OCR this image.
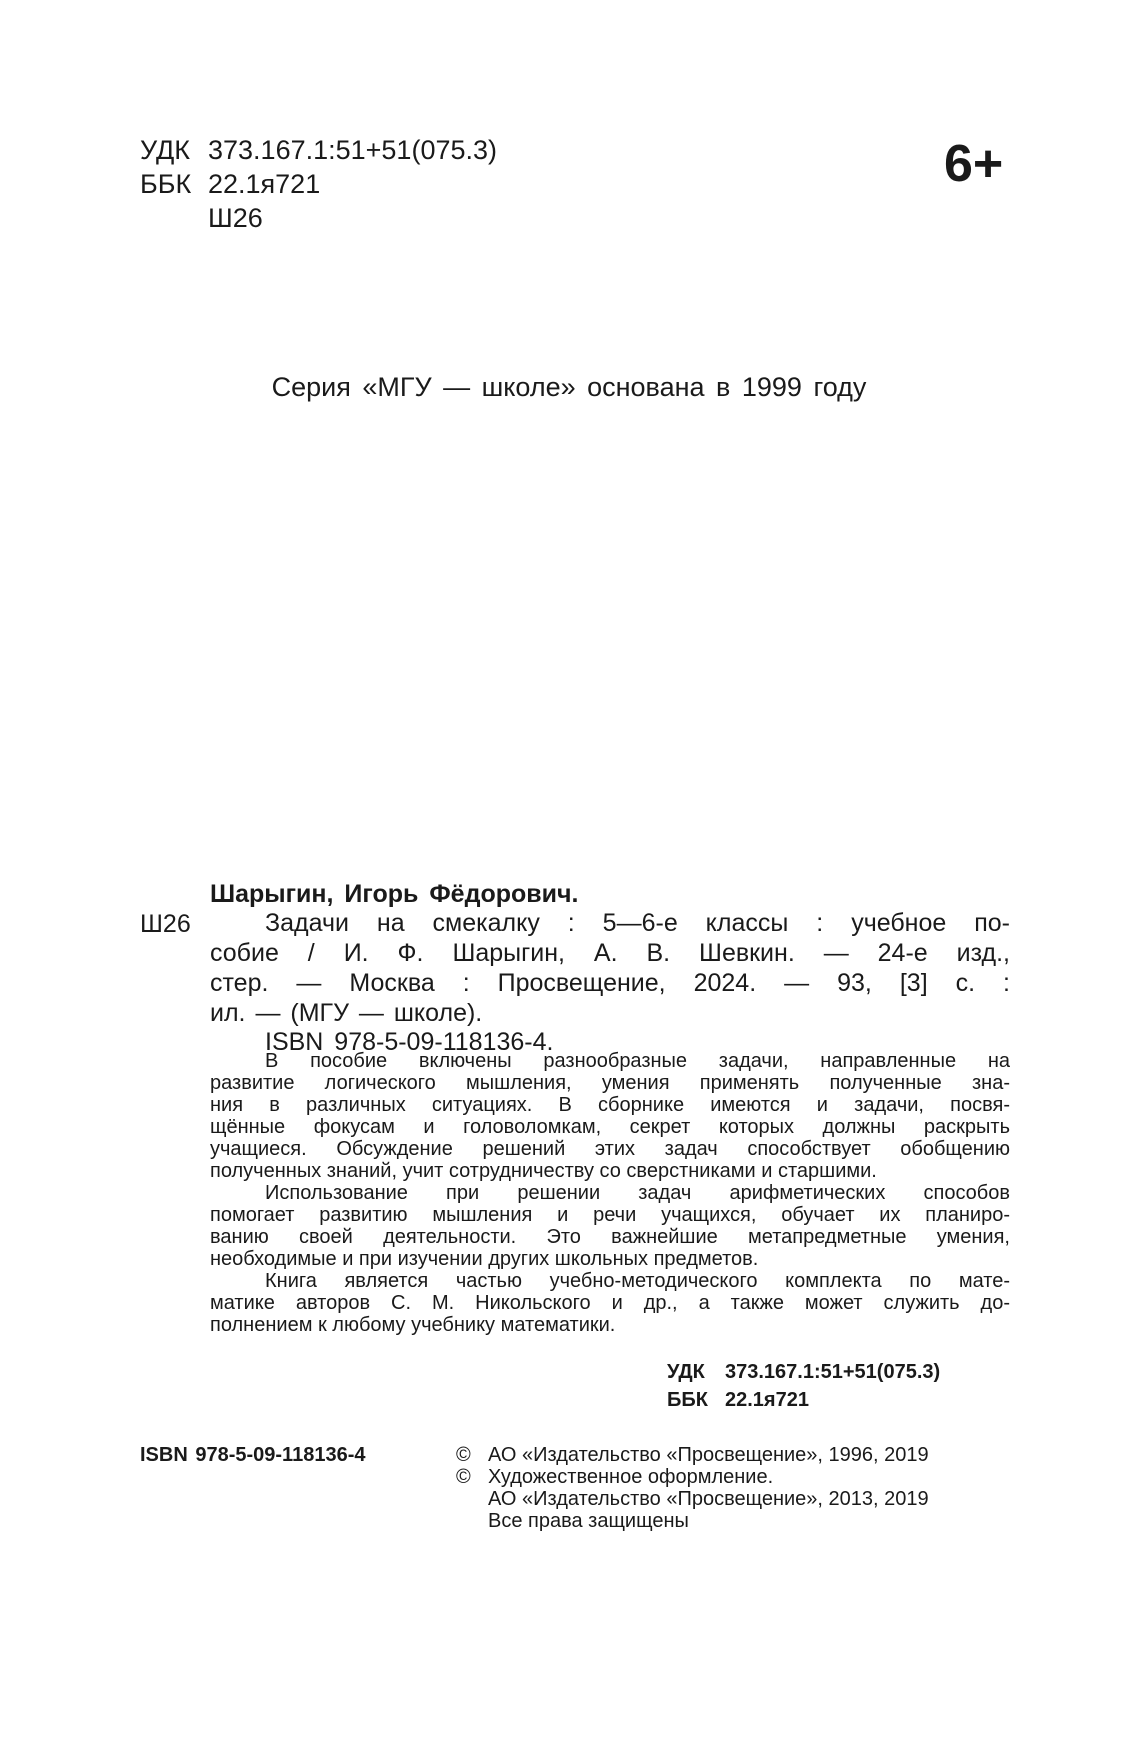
УДК 373.167.1:51+51(075.3)
ББК 22.1я721
Ш26
6+
Серия «МГУ — школе» основана в 1999 году
Шарыгин, Игорь Фёдорович.
Ш26	Задачи на смекалку : 5—6-е классы : учебное по-
собие / И. Ф. Шарыгин, А. В. Шевкин. — 24-е изд.,
стер. — Москва : Просвещение, 2024. — 93, [3] с. :
ил. — (МГУ — школе).
ISBN 978-5-09-118136-4.
В пособие включены разнообразные задачи, направленные на
развитие логического мышления, умения применять полученные зна-
ния в различных ситуациях. В сборнике имеются и задачи, посвя-
щённые фокусам и головоломкам, секрет которых должны раскрыть
учащиеся. Обсуждение решений этих задач способствует обобщению
полученных знаний, учит сотрудничеству со сверстниками и старшими.
Использование при решении задач арифметических способов
помогает развитию мышления и речи учащихся, обучает их планиро-
ванию своей деятельности. Это важнейшие метапредметные умения,
необходимые и при изучении других школьных предметов.
Книга является частью учебно-методического комплекта по мате-
матике авторов С. М. Никольского и др., а также может служить до-
полнением к любому учебнику математики.
УДК 373.167.1:51+51(075.3)
ББК 22.1я721
ISBN 978-5-09-118136-4	© АО «Издательство «Просвещение», 1996, 2019
© Художественное оформление.
АО «Издательство «Просвещение», 2013, 2019
Все права защищены
